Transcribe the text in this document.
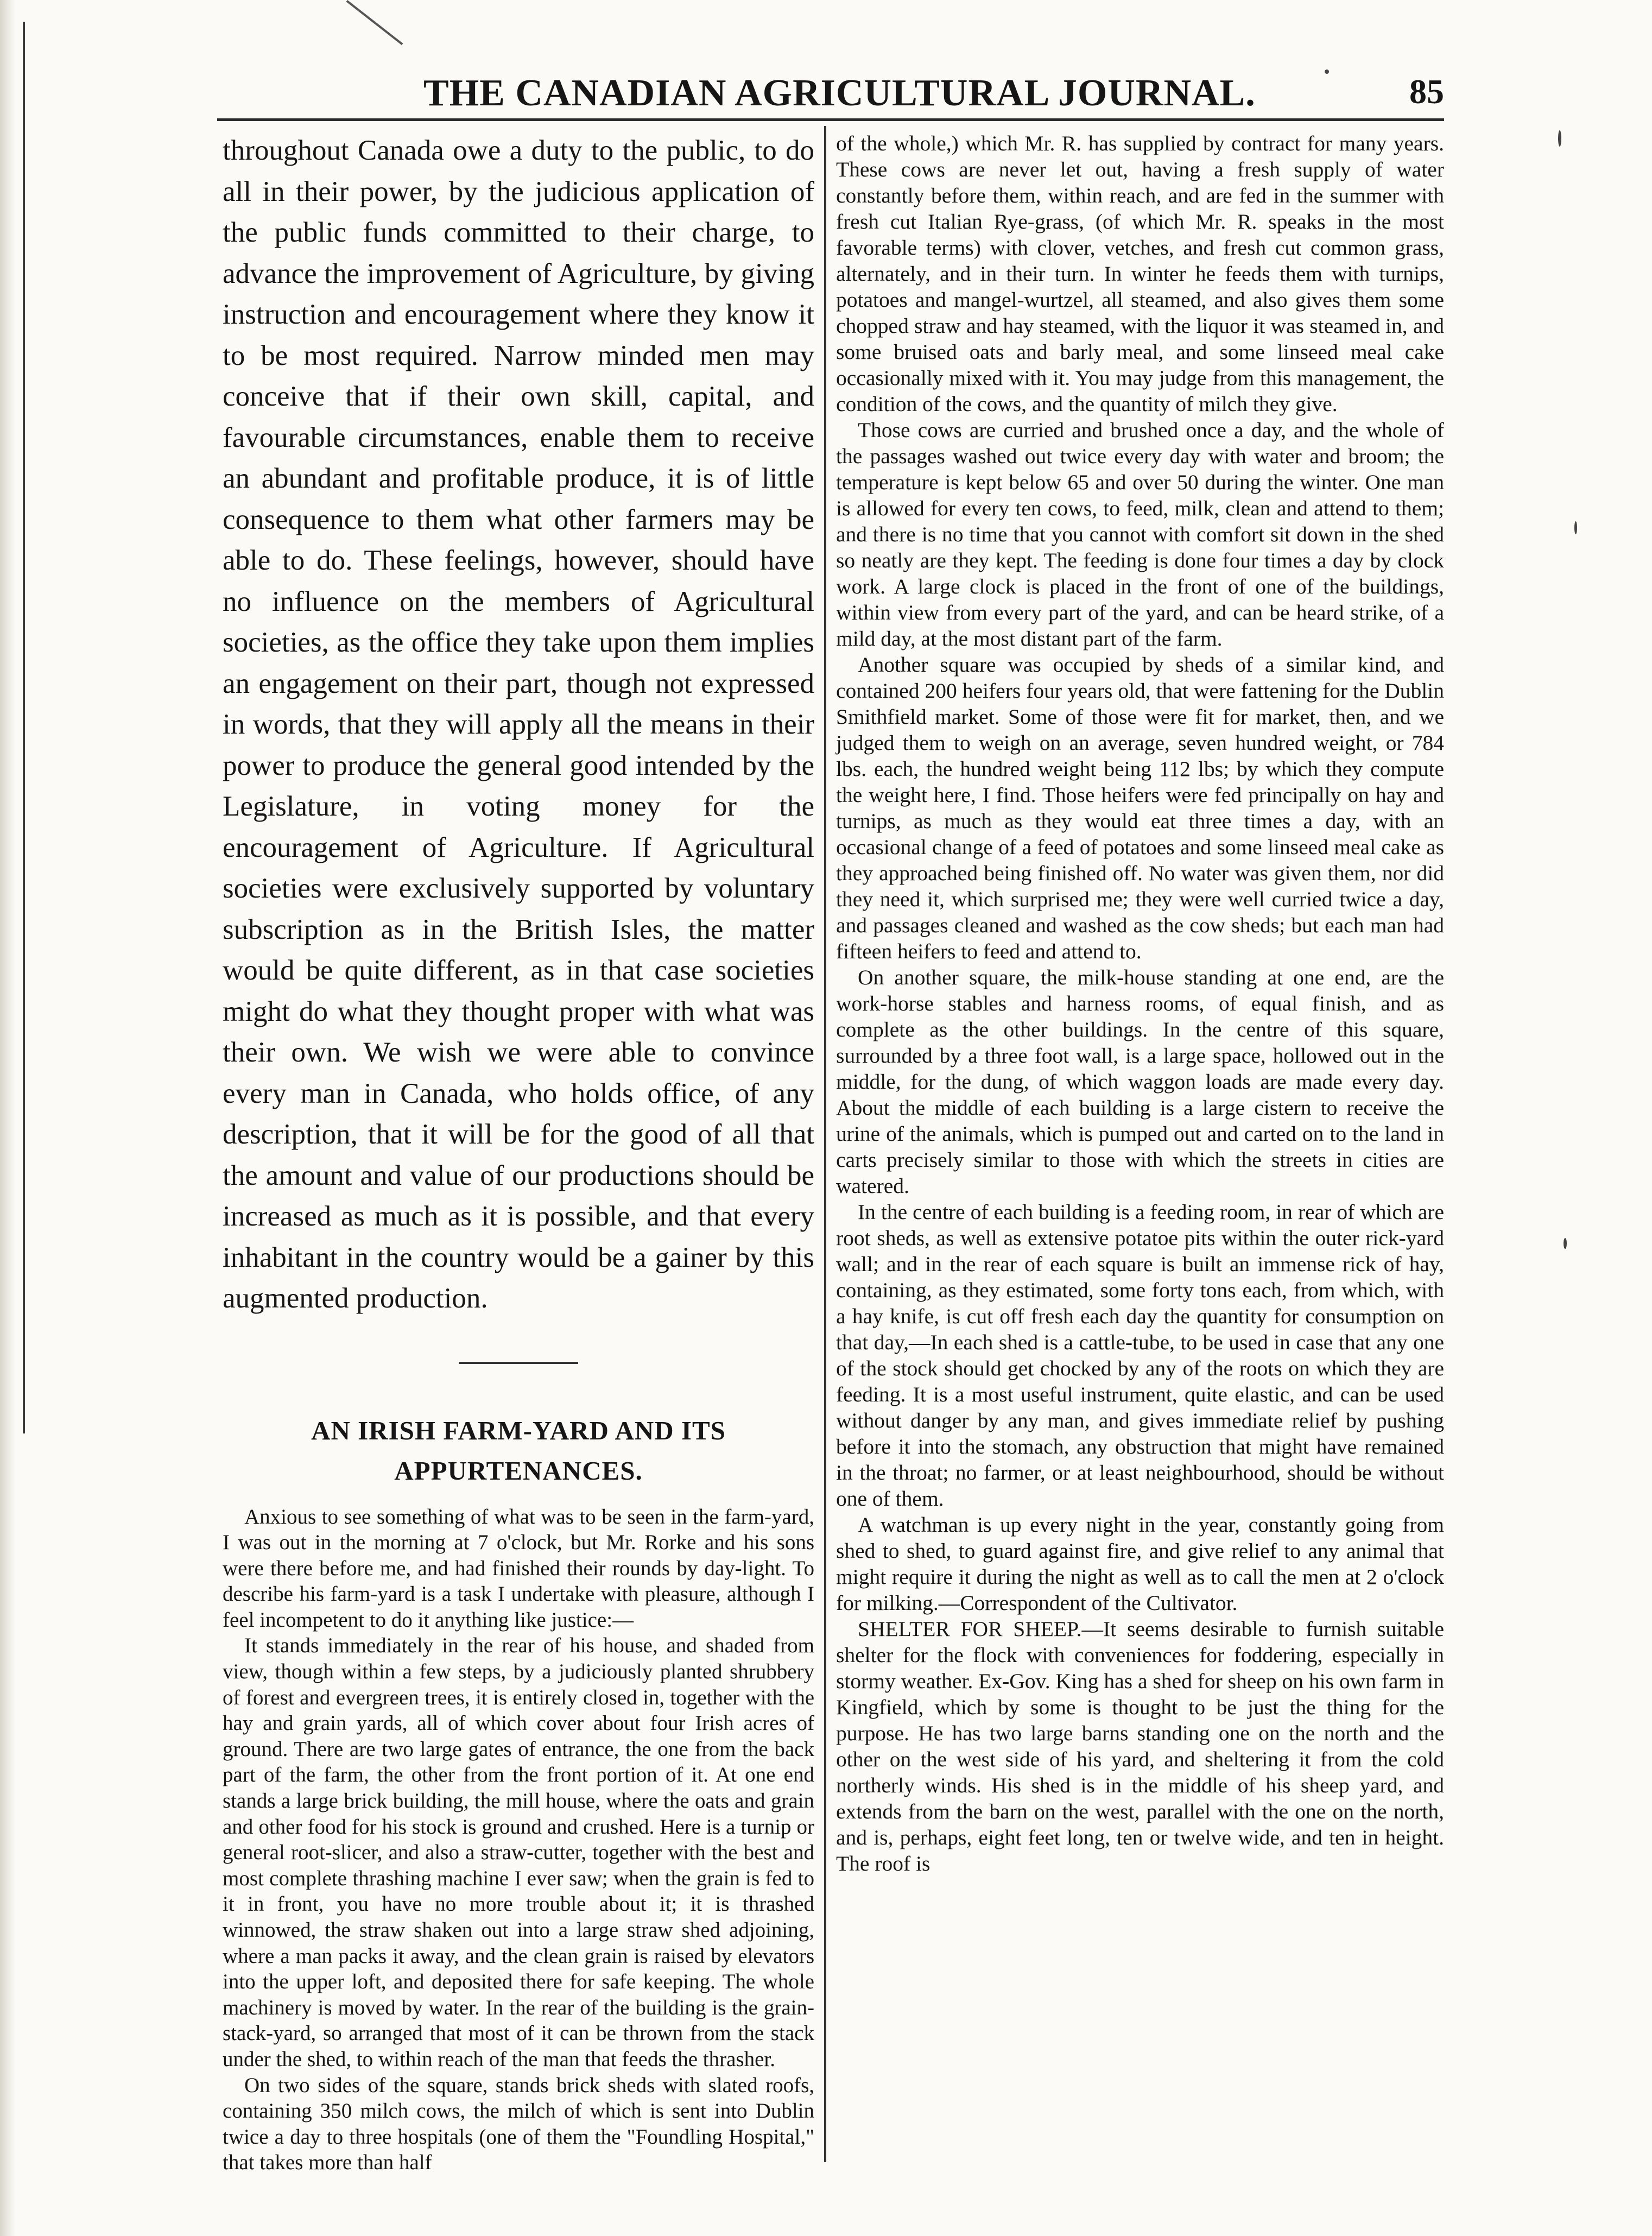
THE CANADIAN AGRICULTURAL JOURNAL.	85

throughout Canada owe a duty to the public, to do all in their power, by the judicious application of the public funds committed to their charge, to advance the improvement of Agriculture, by giving instruction and encouragement where they know it to be most required. Narrow minded men may conceive that if their own skill, capital, and favourable circumstances, enable them to receive an abundant and profitable produce, it is of little consequence to them what other farmers may be able to do. These feelings, however, should have no influence on the members of Agricultural societies, as the office they take upon them implies an engagement on their part, though not expressed in words, that they will apply all the means in their power to produce the general good intended by the Legislature, in voting money for the encouragement of Agriculture. If Agricultural societies were exclusively supported by voluntary subscription as in the British Isles, the matter would be quite different, as in that case societies might do what they thought proper with what was their own. We wish we were able to convince every man in Canada, who holds office, of any description, that it will be for the good of all that the amount and value of our productions should be increased as much as it is possible, and that every inhabitant in the country would be a gainer by this augmented production.

AN IRISH FARM-YARD AND ITS
APPURTENANCES.

Anxious to see something of what was to be seen in the farm-yard, I was out in the morning at 7 o'clock, but Mr. Rorke and his sons were there before me, and had finished their rounds by day-light. To describe his farm-yard is a task I undertake with pleasure, although I feel incompetent to do it anything like justice:—

It stands immediately in the rear of his house, and shaded from view, though within a few steps, by a judiciously planted shrubbery of forest and evergreen trees, it is entirely closed in, together with the hay and grain yards, all of which cover about four Irish acres of ground. There are two large gates of entrance, the one from the back part of the farm, the other from the front portion of it. At one end stands a large brick building, the mill house, where the oats and grain and other food for his stock is ground and crushed. Here is a turnip or general root-slicer, and also a straw-cutter, together with the best and most complete thrashing machine I ever saw; when the grain is fed to it in front, you have no more trouble about it; it is thrashed winnowed, the straw shaken out into a large straw shed adjoining, where a man packs it away, and the clean grain is raised by elevators into the upper loft, and deposited there for safe keeping. The whole machinery is moved by water. In the rear of the building is the grain-stack-yard, so arranged that most of it can be thrown from the stack under the shed, to within reach of the man that feeds the thrasher.

On two sides of the square, stands brick sheds with slated roofs, containing 350 milch cows, the milch of which is sent into Dublin twice a day to three hospitals (one of them the "Foundling Hospital," that takes more than half

of the whole,) which Mr. R. has supplied by contract for many years. These cows are never let out, having a fresh supply of water constantly before them, within reach, and are fed in the summer with fresh cut Italian Rye-grass, (of which Mr. R. speaks in the most favorable terms) with clover, vetches, and fresh cut common grass, alternately, and in their turn. In winter he feeds them with turnips, potatoes and mangel-wurtzel, all steamed, and also gives them some chopped straw and hay steamed, with the liquor it was steamed in, and some bruised oats and barly meal, and some linseed meal cake occasionally mixed with it. You may judge from this management, the condition of the cows, and the quantity of milch they give.

Those cows are curried and brushed once a day, and the whole of the passages washed out twice every day with water and broom; the temperature is kept below 65 and over 50 during the winter. One man is allowed for every ten cows, to feed, milk, clean and attend to them; and there is no time that you cannot with comfort sit down in the shed so neatly are they kept. The feeding is done four times a day by clock work. A large clock is placed in the front of one of the buildings, within view from every part of the yard, and can be heard strike, of a mild day, at the most distant part of the farm.

Another square was occupied by sheds of a similar kind, and contained 200 heifers four years old, that were fattening for the Dublin Smithfield market. Some of those were fit for market, then, and we judged them to weigh on an average, seven hundred weight, or 784 lbs. each, the hundred weight being 112 lbs; by which they compute the weight here, I find. Those heifers were fed principally on hay and turnips, as much as they would eat three times a day, with an occasional change of a feed of potatoes and some linseed meal cake as they approached being finished off. No water was given them, nor did they need it, which surprised me; they were well curried twice a day, and passages cleaned and washed as the cow sheds; but each man had fifteen heifers to feed and attend to.

On another square, the milk-house standing at one end, are the work-horse stables and harness rooms, of equal finish, and as complete as the other buildings. In the centre of this square, surrounded by a three foot wall, is a large space, hollowed out in the middle, for the dung, of which waggon loads are made every day. About the middle of each building is a large cistern to receive the urine of the animals, which is pumped out and carted on to the land in carts precisely similar to those with which the streets in cities are watered.

In the centre of each building is a feeding room, in rear of which are root sheds, as well as extensive potatoe pits within the outer rick-yard wall; and in the rear of each square is built an immense rick of hay, containing, as they estimated, some forty tons each, from which, with a hay knife, is cut off fresh each day the quantity for consumption on that day,—In each shed is a cattle-tube, to be used in case that any one of the stock should get chocked by any of the roots on which they are feeding. It is a most useful instrument, quite elastic, and can be used without danger by any man, and gives immediate relief by pushing before it into the stomach, any obstruction that might have remained in the throat; no farmer, or at least neighbourhood, should be without one of them.

A watchman is up every night in the year, constantly going from shed to shed, to guard against fire, and give relief to any animal that might require it during the night as well as to call the men at 2 o'clock for milking.—Correspondent of the Cultivator.

SHELTER FOR SHEEP.—It seems desirable to furnish suitable shelter for the flock with conveniences for foddering, especially in stormy weather. Ex-Gov. King has a shed for sheep on his own farm in Kingfield, which by some is thought to be just the thing for the purpose. He has two large barns standing one on the north and the other on the west side of his yard, and sheltering it from the cold northerly winds. His shed is in the middle of his sheep yard, and extends from the barn on the west, parallel with the one on the north, and is, perhaps, eight feet long, ten or twelve wide, and ten in height. The roof is
